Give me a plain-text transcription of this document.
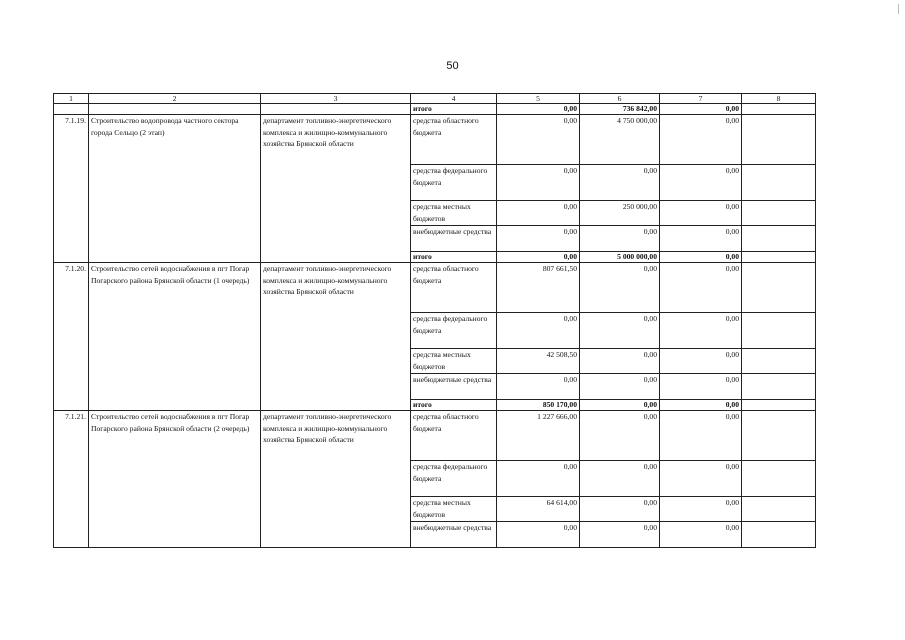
50
1	2	3	4	5	6	7	8
			итого	0,00	736 842,00	0,00	
7.1.19.	Строительство водопровода частного сектора города Сельцо (2 этап)	департамент топливно-энергетического комплекса и жилищно-коммунального хозяйства Брянской области	средства областного бюджета	0,00	4 750 000,00	0,00	
			средства федерального бюджета	0,00	0,00	0,00	
			средства местных бюджетов	0,00	250 000,00	0,00	
			внебюджетные средства	0,00	0,00	0,00	
			итого	0,00	5 000 000,00	0,00	
7.1.20.	Строительство сетей водоснабжения в пгт Погар Погарского района Брянской области (1 очередь)	департамент топливно-энергетического комплекса и жилищно-коммунального хозяйства Брянской области	средства областного бюджета	807 661,50	0,00	0,00	
			средства федерального бюджета	0,00	0,00	0,00	
			средства местных бюджетов	42 508,50	0,00	0,00	
			внебюджетные средства	0,00	0,00	0,00	
			итого	850 170,00	0,00	0,00	
7.1.21.	Строительство сетей водоснабжения в пгт Погар Погарского района Брянской области (2 очередь)	департамент топливно-энергетического комплекса и жилищно-коммунального хозяйства Брянской области	средства областного бюджета	1 227 666,00	0,00	0,00	
			средства федерального бюджета	0,00	0,00	0,00	
			средства местных бюджетов	64 614,00	0,00	0,00	
			внебюджетные средства	0,00	0,00	0,00	
